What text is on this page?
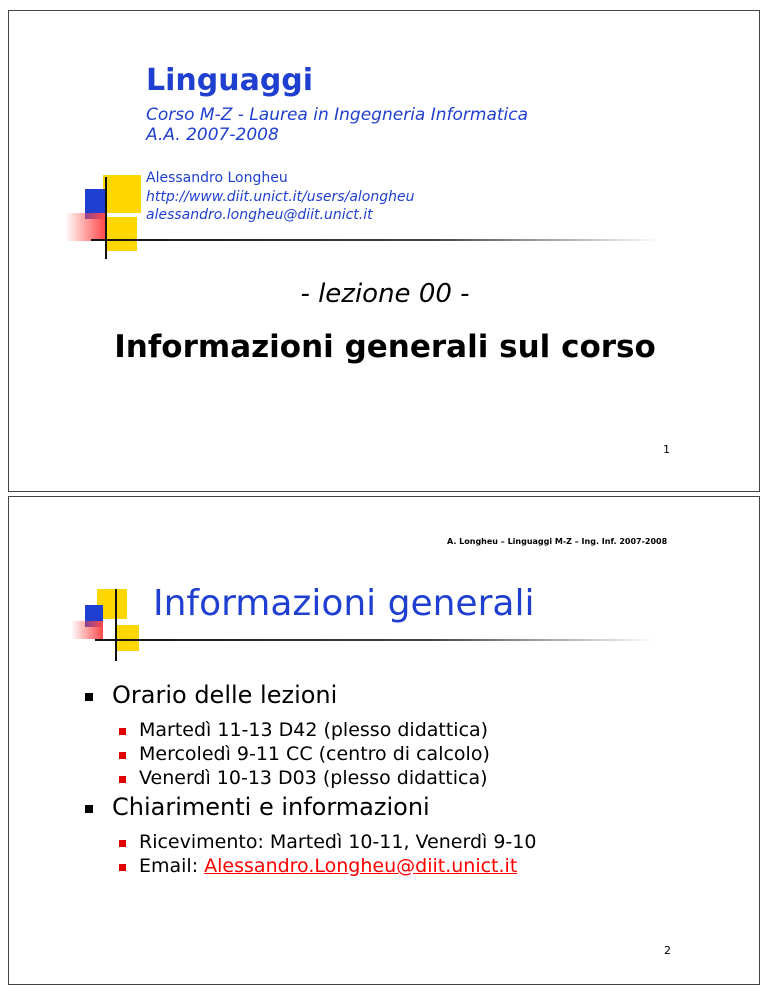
Linguaggi
Corso M-Z - Laurea in Ingegneria Informatica
A.A. 2007-2008
Alessandro Longheu
http://www.diit.unict.it/users/alongheu
alessandro.longheu@diit.unict.it
- lezione 00 -
Informazioni generali sul corso
1
A. Longheu – Linguaggi M-Z – Ing. Inf. 2007-2008
Informazioni generali
Orario delle lezioni
Martedì 11-13 D42 (plesso didattica)
Mercoledì 9-11 CC (centro di calcolo)
Venerdì 10-13 D03 (plesso didattica)
Chiarimenti e informazioni
Ricevimento: Martedì 10-11, Venerdì 9-10
Email: Alessandro.Longheu@diit.unict.it
2
